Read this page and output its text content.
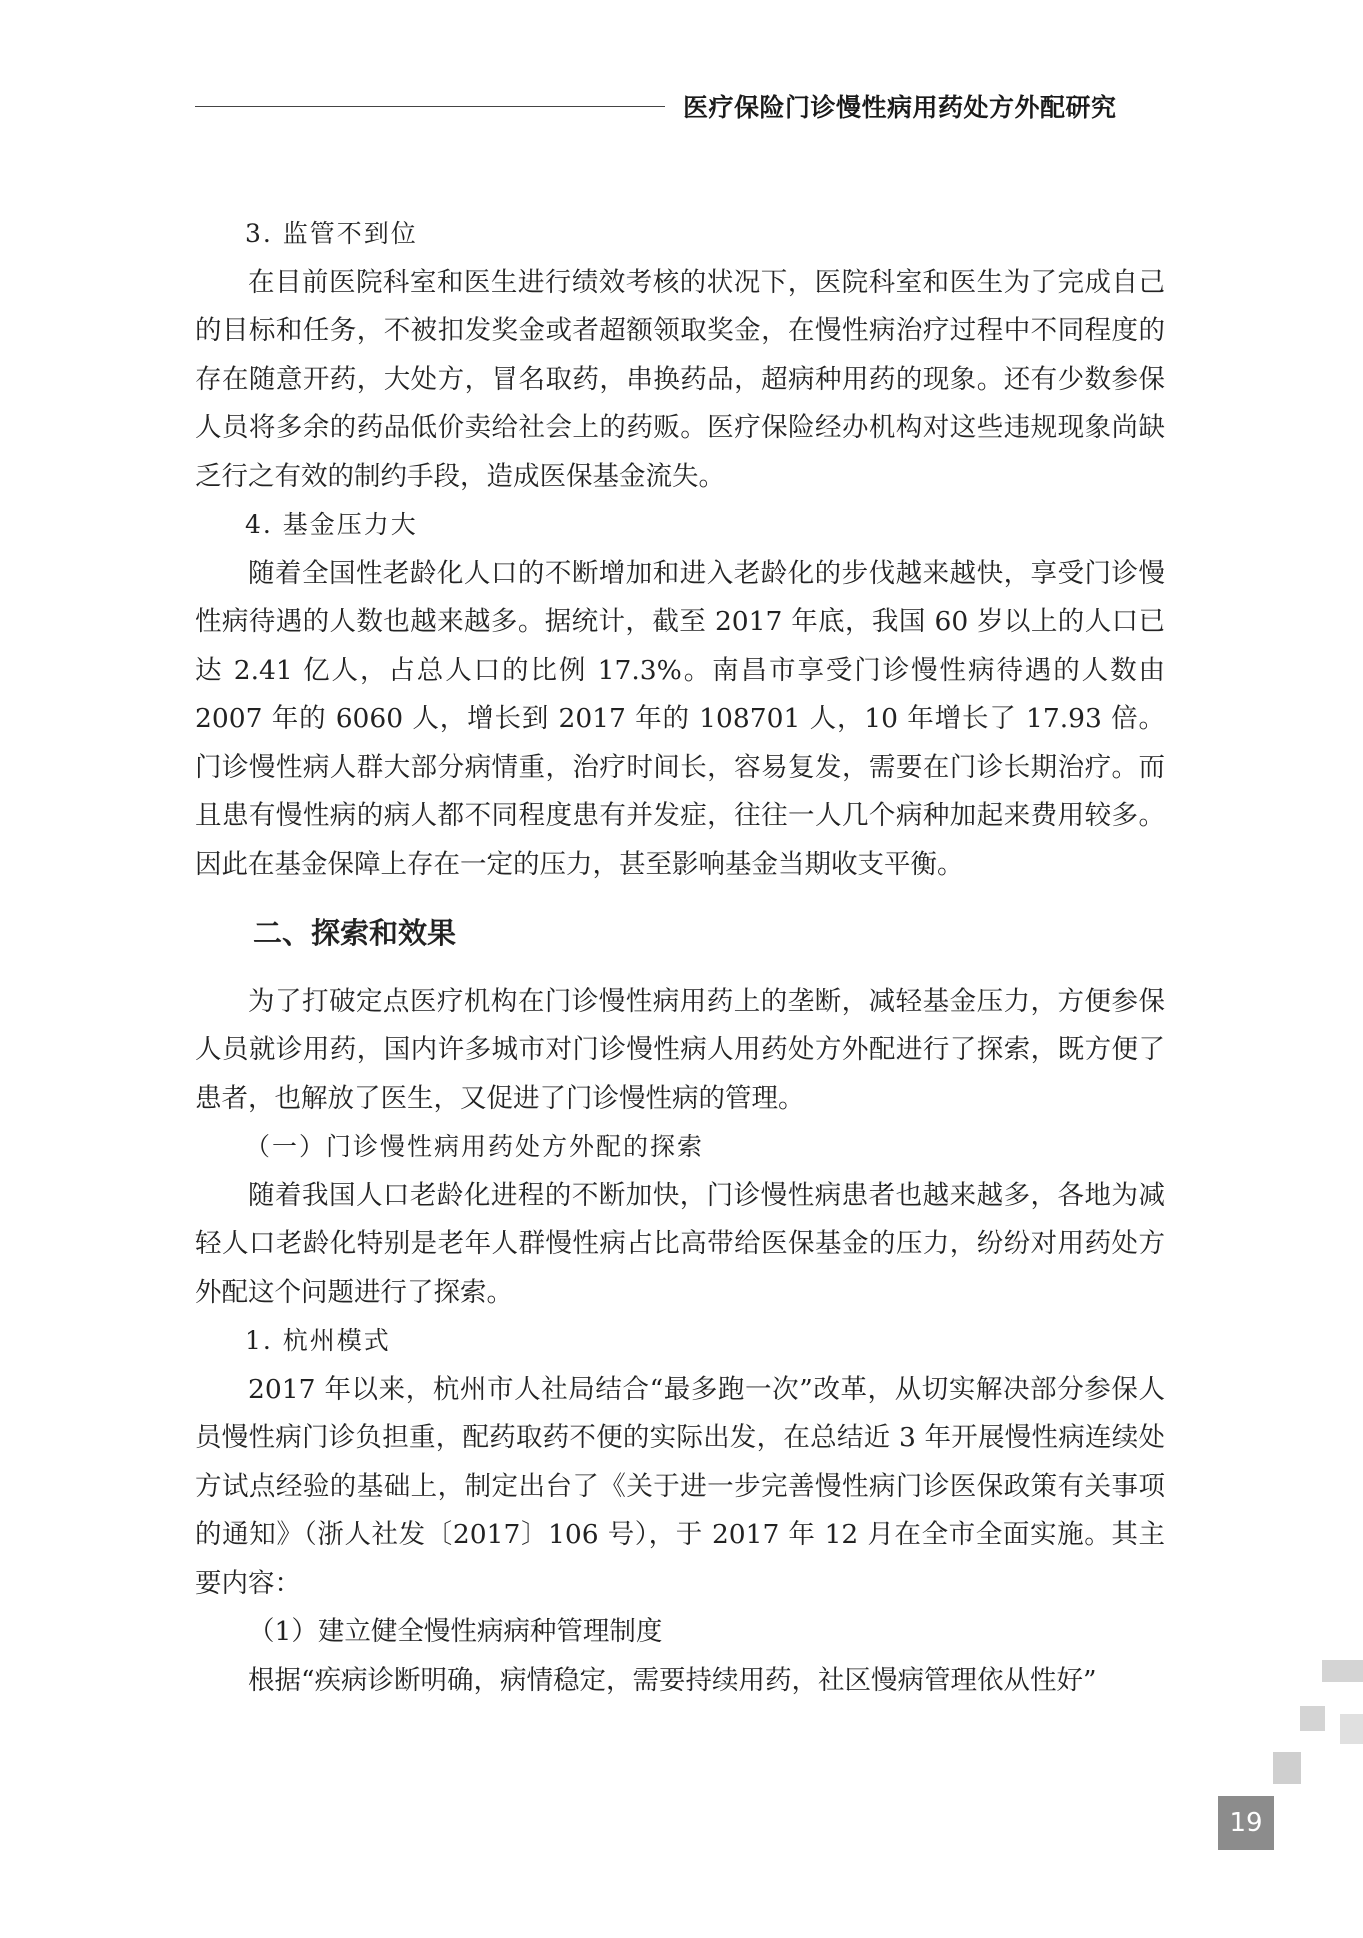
医疗保险门诊慢性病用药处方外配研究
3. 监管不到位

在目前医院科室和医生进行绩效考核的状况下，医院科室和医生为了完成自己的目标和任务，不被扣发奖金或者超额领取奖金，在慢性病治疗过程中不同程度的存在随意开药，大处方，冒名取药，串换药品，超病种用药的现象。还有少数参保人员将多余的药品低价卖给社会上的药贩。医疗保险经办机构对这些违规现象尚缺乏行之有效的制约手段，造成医保基金流失。

4. 基金压力大

随着全国性老龄化人口的不断增加和进入老龄化的步伐越来越快，享受门诊慢性病待遇的人数也越来越多。据统计，截至 2017 年底，我国 60 岁以上的人口已达 2.41 亿人，占总人口的比例 17.3%。南昌市享受门诊慢性病待遇的人数由 2007 年的 6060 人，增长到 2017 年的 108701 人，10 年增长了 17.93 倍。门诊慢性病人群大部分病情重，治疗时间长，容易复发，需要在门诊长期治疗。而且患有慢性病的病人都不同程度患有并发症，往往一人几个病种加起来费用较多。因此在基金保障上存在一定的压力，甚至影响基金当期收支平衡。

二、探索和效果

为了打破定点医疗机构在门诊慢性病用药上的垄断，减轻基金压力，方便参保人员就诊用药，国内许多城市对门诊慢性病人用药处方外配进行了探索，既方便了患者，也解放了医生，又促进了门诊慢性病的管理。

（一）门诊慢性病用药处方外配的探索

随着我国人口老龄化进程的不断加快，门诊慢性病患者也越来越多，各地为减轻人口老龄化特别是老年人群慢性病占比高带给医保基金的压力，纷纷对用药处方外配这个问题进行了探索。

1. 杭州模式

2017 年以来，杭州市人社局结合“最多跑一次”改革，从切实解决部分参保人员慢性病门诊负担重，配药取药不便的实际出发，在总结近 3 年开展慢性病连续处方试点经验的基础上，制定出台了《关于进一步完善慢性病门诊医保政策有关事项的通知》（浙人社发〔2017〕106 号），于 2017 年 12 月在全市全面实施。其主要内容：

（1）建立健全慢性病病种管理制度

根据“疾病诊断明确，病情稳定，需要持续用药，社区慢病管理依从性好”

19
